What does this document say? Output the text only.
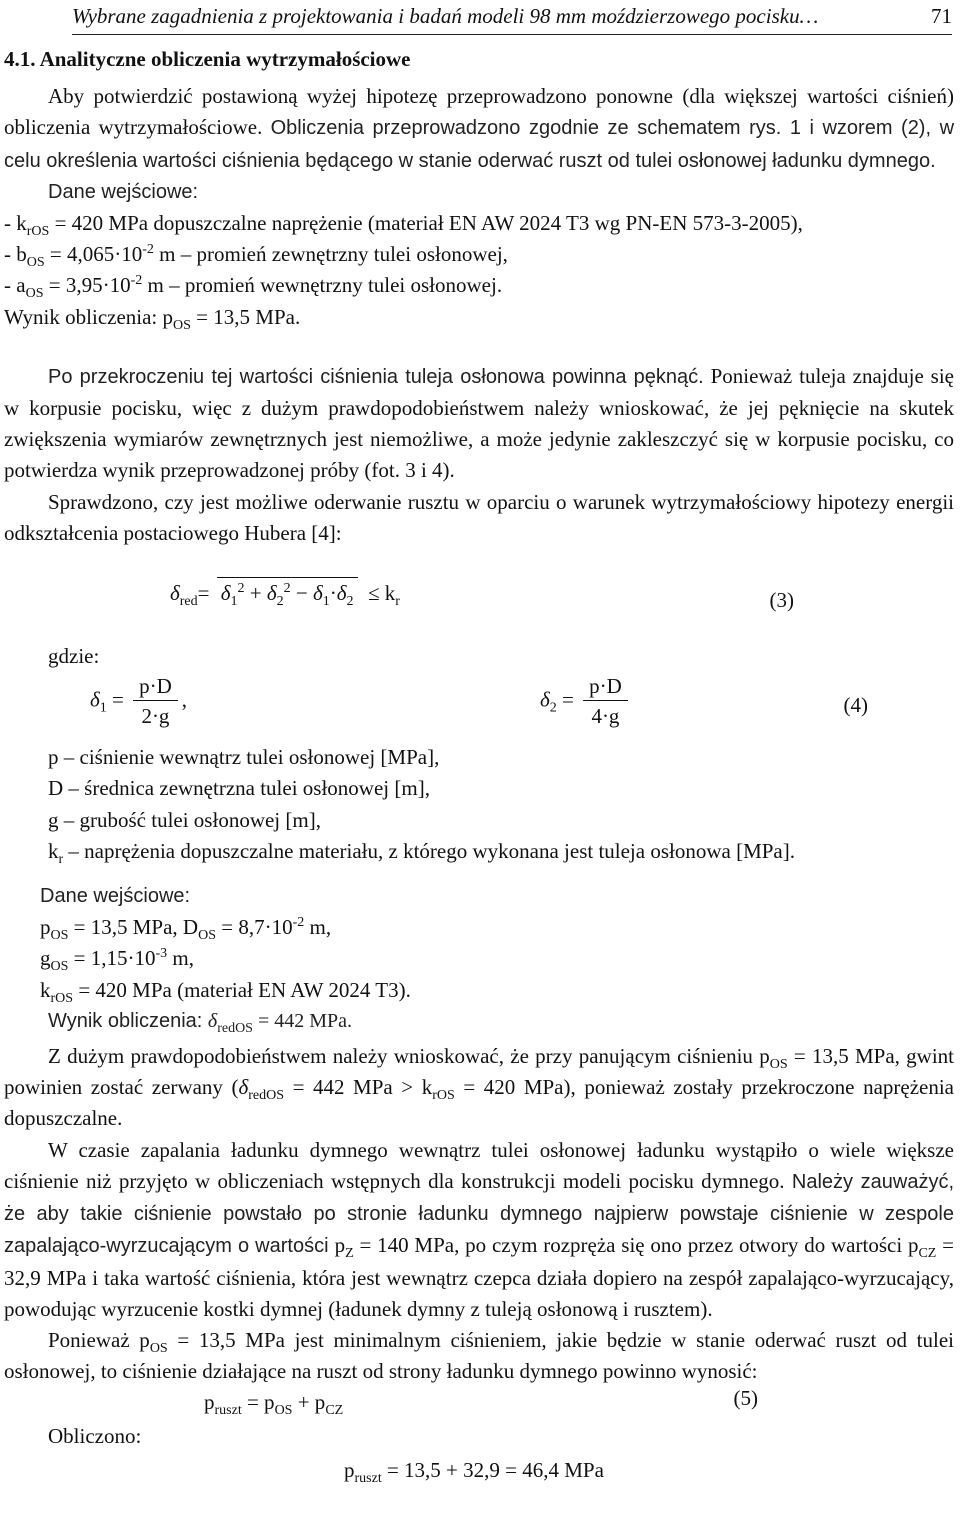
Wybrane zagadnienia z projektowania i badań modeli 98 mm moździerzowego pocisku…	71
4.1. Analityczne obliczenia wytrzymałościowe

Aby potwierdzić postawioną wyżej hipotezę przeprowadzono ponowne (dla większej wartości ciśnień) obliczenia wytrzymałościowe. Obliczenia przeprowadzono zgodnie ze schematem rys. 1 i wzorem (2), w celu określenia wartości ciśnienia będącego w stanie oderwać ruszt od tulei osłonowej ładunku dymnego.

Dane wejściowe:
- $k_{rOS} = 420$ MPa dopuszczalne naprężenie (materiał EN AW 2024 T3 wg PN-EN 573-3-2005),
- $b_{OS} = 4,065\cdot 10^{-2}$ m – promień zewnętrzny tulei osłonowej,
- $a_{OS} = 3,95\cdot 10^{-2}$ m – promień wewnętrzny tulei osłonowej.
Wynik obliczenia: $p_{OS} = 13,5$ MPa.

Po przekroczeniu tej wartości ciśnienia tuleja osłonowa powinna pęknąć. Ponieważ tuleja znajduje się w korpusie pocisku, więc z dużym prawdopodobieństwem należy wnioskować, że jej pęknięcie na skutek zwiększenia wymiarów zewnętrznych jest niemożliwe, a może jedynie zakleszczyć się w korpusie pocisku, co potwierdza wynik przeprowadzonej próby (fot. 3 i 4).

Sprawdzono, czy jest możliwe oderwanie rusztu w oparciu o warunek wytrzymałościowy hipotezy energii odkształcenia postaciowego Hubera [4]:

$\delta_{red}= \delta_1^2 + \delta_2^2 - \delta_1\cdot\delta_2 \le k_r$	(3)
gdzie:
$\delta_1 = \frac{p\cdot D}{2\cdot g}$ ,	$\delta_2 = \frac{p\cdot D}{4\cdot g}$	(4)
p – ciśnienie wewnątrz tulei osłonowej [MPa],
D – średnica zewnętrzna tulei osłonowej [m],
g – grubość tulei osłonowej [m],
$k_r$ – naprężenia dopuszczalne materiału, z którego wykonana jest tuleja osłonowa [MPa].
Dane wejściowe:
$p_{OS} = 13,5$ MPa, $D_{OS} = 8,7\cdot 10^{-2}$ m,
$g_{OS} = 1,15\cdot 10^{-3}$ m,
$k_{rOS} = 420$ MPa (materiał EN AW 2024 T3).
Wynik obliczenia: $\delta_{redOS} = 442$ MPa.

Z dużym prawdopodobieństwem należy wnioskować, że przy panującym ciśnieniu $p_{OS} = 13,5$ MPa, gwint powinien zostać zerwany ($\delta_{redOS} = 442$ MPa > $k_{rOS} = 420$ MPa), ponieważ zostały przekroczone naprężenia dopuszczalne.

W czasie zapalania ładunku dymnego wewnątrz tulei osłonowej ładunku wystąpiło o wiele większe ciśnienie niż przyjęto w obliczeniach wstępnych dla konstrukcji modeli pocisku dymnego. Należy zauważyć, że aby takie ciśnienie powstało po stronie ładunku dymnego najpierw powstaje ciśnienie w zespole zapalająco-wyrzucającym o wartości $p_Z = 140$ MPa, po czym rozpręża się ono przez otwory do wartości $p_{CZ} = 32,9$ MPa i taka wartość ciśnienia, która jest wewnątrz czepca działa dopiero na zespół zapalająco-wyrzucający, powodując wyrzucenie kostki dymnej (ładunek dymny z tuleją osłonową i rusztem).

Ponieważ $p_{OS} = 13,5$ MPa jest minimalnym ciśnieniem, jakie będzie w stanie oderwać ruszt od tulei osłonowej, to ciśnienie działające na ruszt od strony ładunku dymnego powinno wynosić:

$p_{ruszt} = p_{OS} + p_{CZ}$
(5)
Obliczono:
$p_{ruszt} = 13,5 + 32,9 = 46,4$ MPa
